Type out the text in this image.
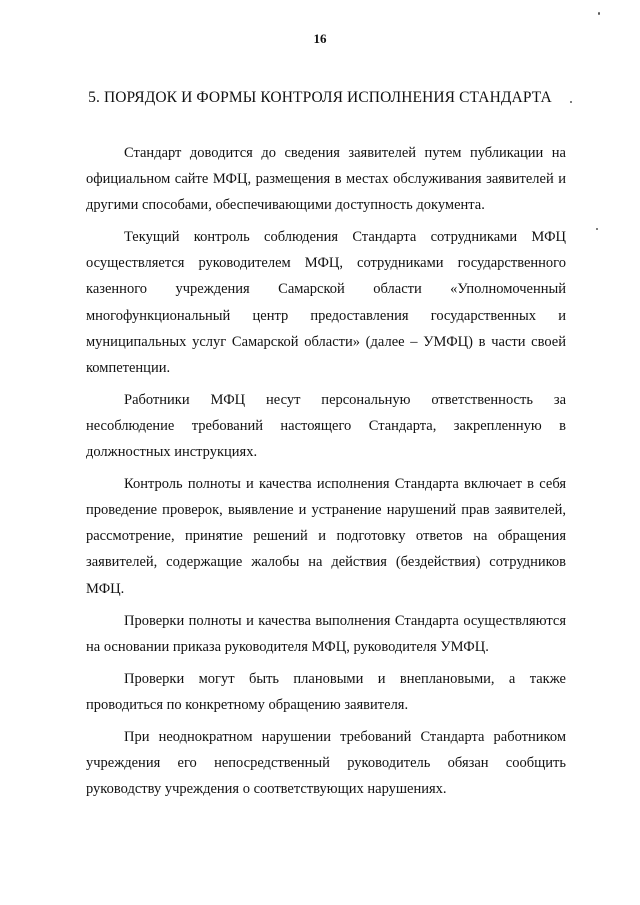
16
5. ПОРЯДОК И ФОРМЫ КОНТРОЛЯ ИСПОЛНЕНИЯ СТАНДАРТА

Стандарт доводится до сведения заявителей путем публикации на официальном сайте МФЦ, размещения в местах обслуживания заявителей и другими способами, обеспечивающими доступность документа.

Текущий контроль соблюдения Стандарта сотрудниками МФЦ осуществляется руководителем МФЦ, сотрудниками государственного казенного учреждения Самарской области «Уполномоченный многофункциональный центр предоставления государственных и муниципальных услуг Самарской области» (далее – УМФЦ) в части своей компетенции.

Работники МФЦ несут персональную ответственность за несоблюдение требований настоящего Стандарта, закрепленную в должностных инструкциях.

Контроль полноты и качества исполнения Стандарта включает в себя проведение проверок, выявление и устранение нарушений прав заявителей, рассмотрение, принятие решений и подготовку ответов на обращения заявителей, содержащие жалобы на действия (бездействия) сотрудников МФЦ.

Проверки полноты и качества выполнения Стандарта осуществляются на основании приказа руководителя МФЦ, руководителя УМФЦ.

Проверки могут быть плановыми и внеплановыми, а также проводиться по конкретному обращению заявителя.

При неоднократном нарушении требований Стандарта работником учреждения его непосредственный руководитель обязан сообщить руководству учреждения о соответствующих нарушениях.
